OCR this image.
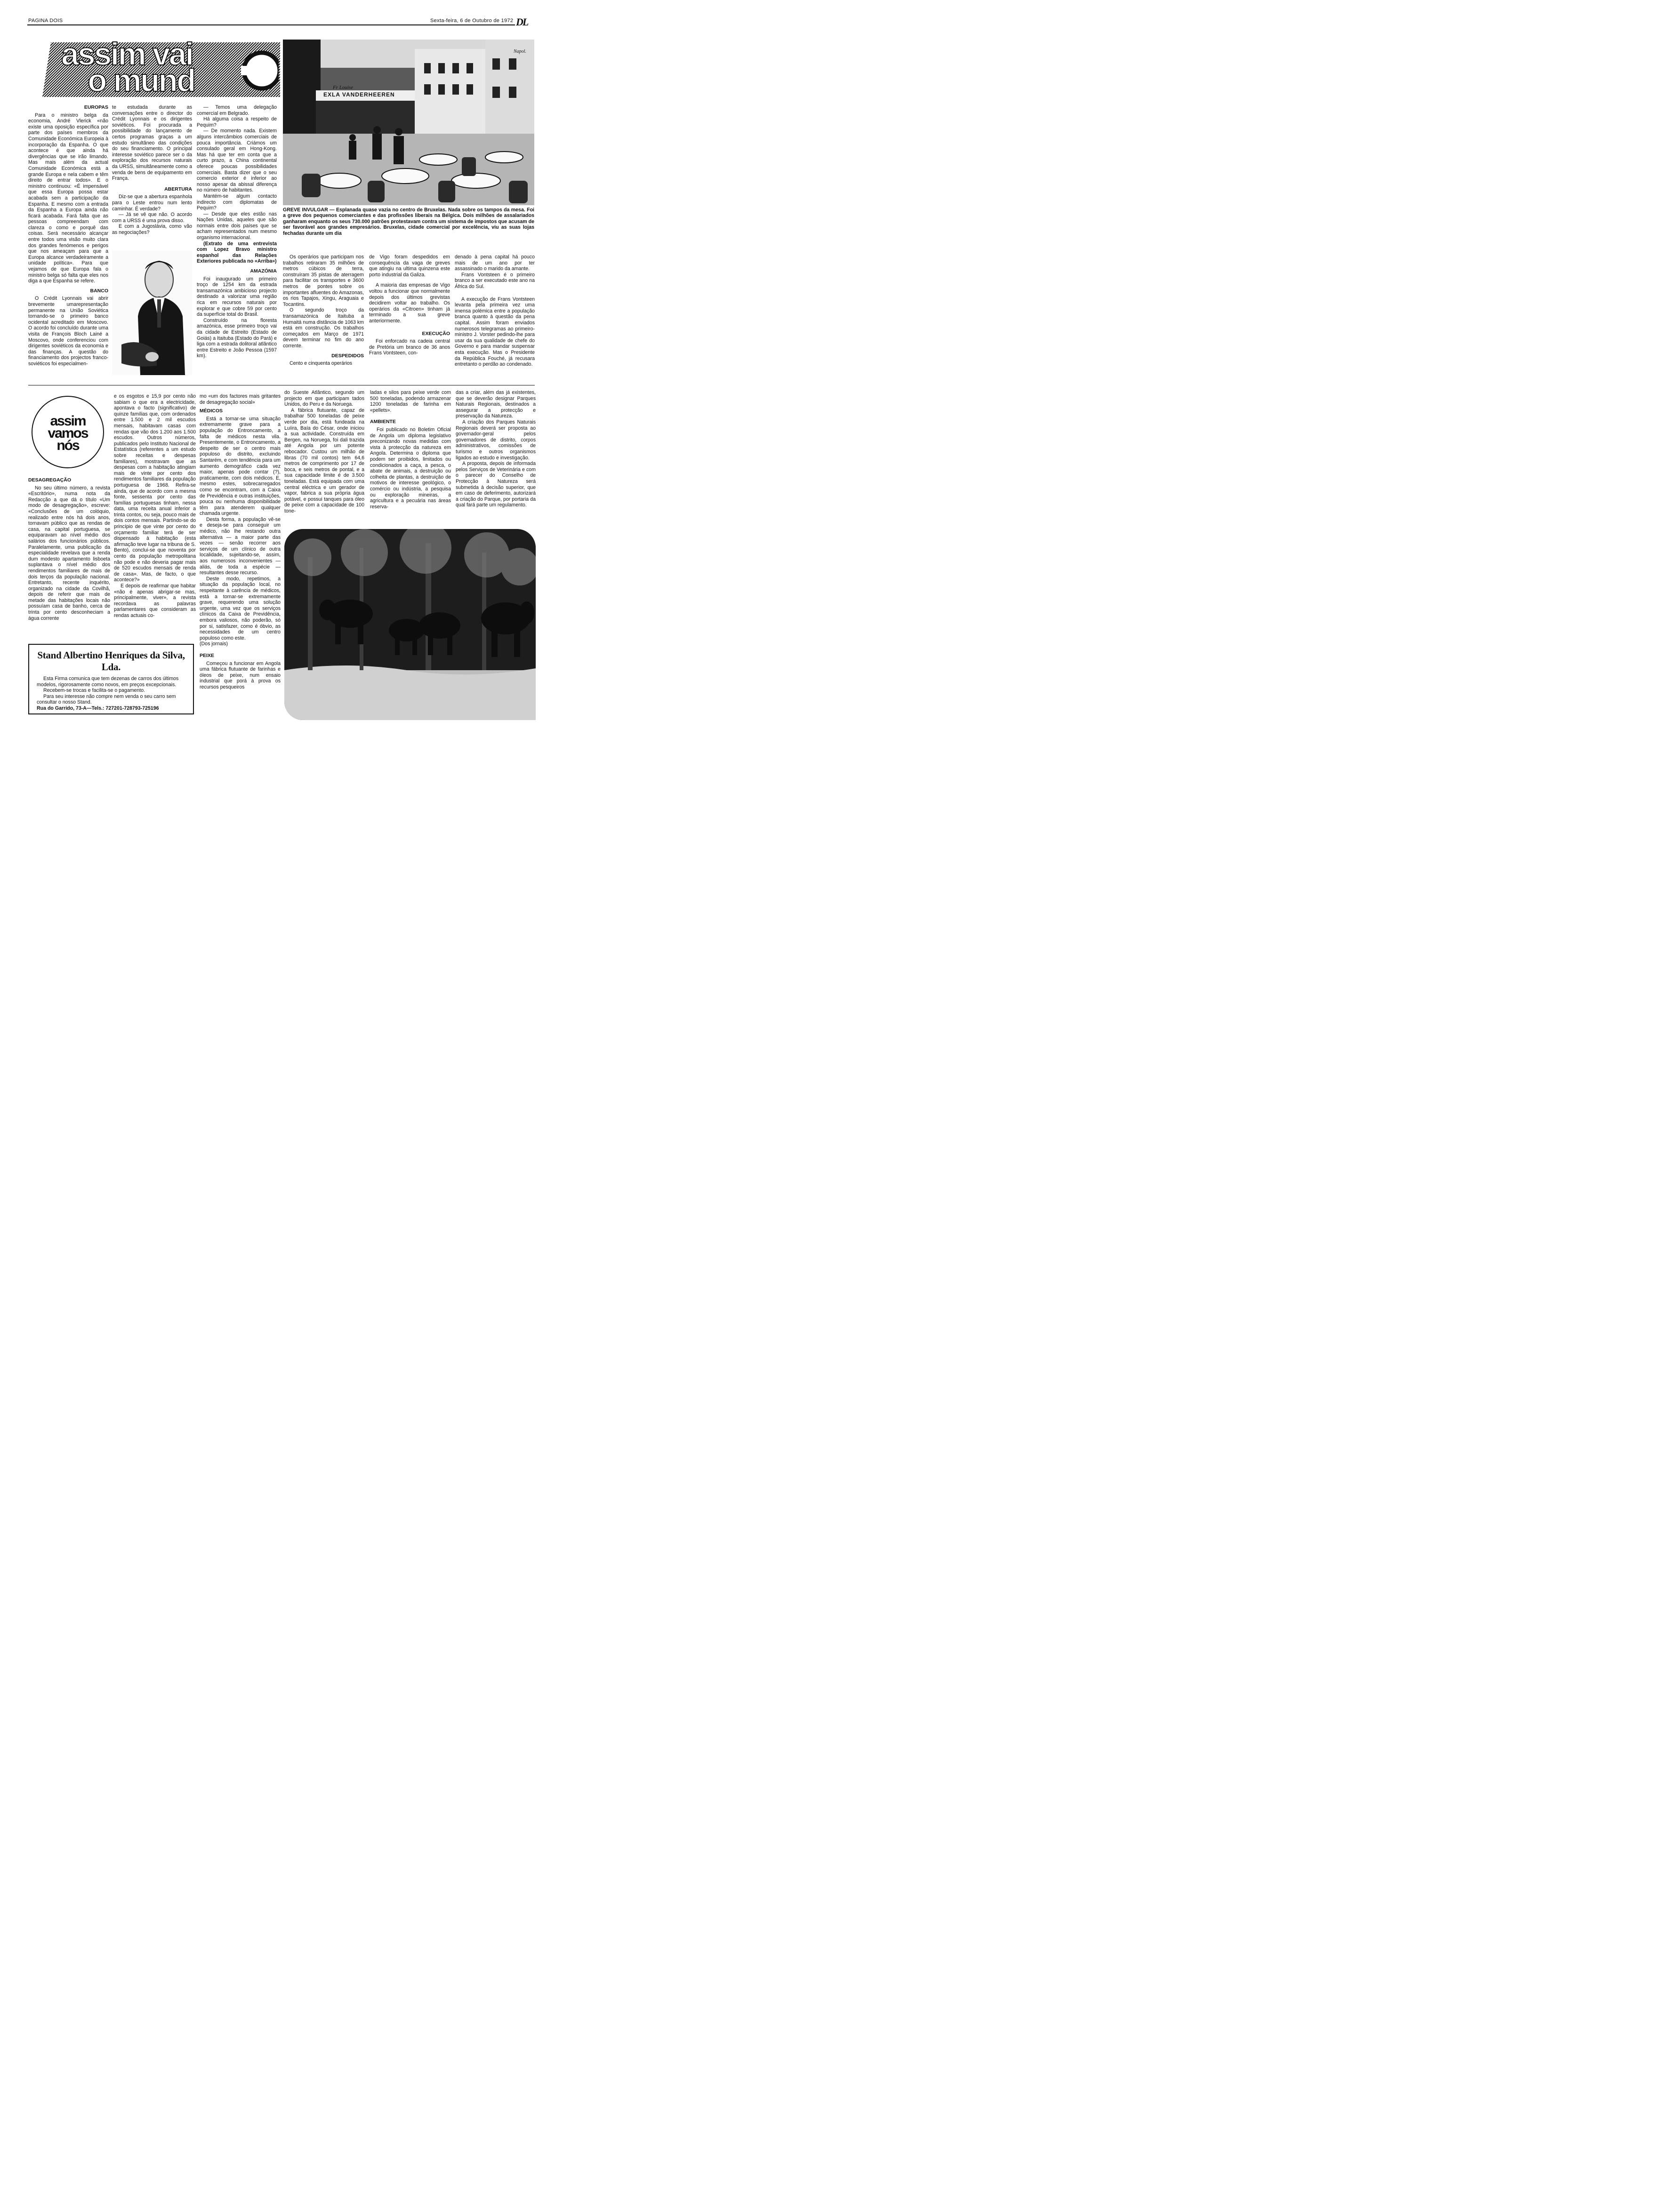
PAGINA DOIS	Sexta-feira, 6 de Outubro de 1972 DL
assim vai
o mund
EUROPAS

Para o ministro belga da economia, André Vlerick «não existe uma oposição específica por parte dos países membros da Comunidade Económica Europeia à incorporação da Espanha. O que acontece é que ainda há divergências que se irão limando. Mas mais além da actual Comunidade Económica está a grande Europa e nela cabem e têm direito de entrar todos». E o ministro continuou: «É impensável que essa Europa possa estar acabada sem a participação da Espanha. E mesmo com a entrada da Espanha a Europa ainda não ficará acabada. Fará falta que as pessoas compreendam com clareza o como e porquê das coisas. Será necessário alcançar entre todos uma visão muito clara dos grandes fenómenos e perigos que nos ameaçam para que a Europa alcance verdadeiramente a unidade política». Para que vejamos de que Europa fala o ministro belga só falta que eles nos diga a que Espanha se refere.

BANCO

O Crédit Lyonnais vai abrir brevemente umarepresentação permanente na União Soviética tornando-se o primeiro banco ocidental acreditado em Moscovo. O acordo foi concluído durante uma visita de François Bloch Lainé a Moscovo, onde conferenciou com dirigentes soviéticos da economia e das finanças. A questão do financiamento dos projectos franco-soviéticos foi especialmen-

te estudada durante as conversações entre o director do Crédit Lyonnais e os dirigentes soviéticos. Foi procurada a possibilidade do lançamento de certos programas graças a um estudo simultâneo das condições do seu financiamento. O principal interesse soviético parece ser o da exploração dos recursos naturais da URSS, simultâneamente como a venda de bens de equipamento em França.

ABERTURA

Diz-se que a abertura espanhola para o Leste entrou num lento caminhar. É verdade?

— Já se vê que não. O acordo com a URSS é uma prova disso.

E com a Jugoslávia, como vão as negociações?

— Temos uma delegação comercial em Belgrado.

Há alguma coisa a respeito de Pequim?

— De momento nada. Existem alguns intercâmbios comerciais de pouca importância. Criámos um consulado geral em Hong-Kong. Mas há que ter em conta que a curto prazo, a China continental oferece poucas possibilidades comerciais. Basta dizer que o seu comercio exterior é inferior ao nosso apesar da abissal diferença no número de habitantes.

Mantém-se algum contacto indirecto com diplomatas de Pequim?

— Desde que eles estão nas Nações Unidas, aqueles que são normais entre dois países que se acham representados num mesmo organismo internacional.

(Extrato de uma entrevista com Lopez Bravo ministro espanhol das Relações Exteriores publicada no «Arriba»)

AMAZÓNIA

Foi inaugurado um primeiro troço de 1254 km da estrada transamazónica ambicioso projecto destinado a valorizar uma região rica em recursos naturais por explorar e que cobre 59 por cento da superfície total do Brasil.

Construído na floresta amazónica, esse primeiro troço vai da cidade de Estreito (Estado de Goiás) a Itaituba (Estado do Pará) e liga com a estrada dolitoral atlântico entre Estreito e João Pessoa (1597 km).

Fr Louise
EXLA VANDERHEEREN
Napol.
GREVE INVULGAR — Esplanada quase vazia no centro de Bruxelas. Nada sobre os tampos da mesa. Foi a greve dos pequenos comerciantes e das profissões liberais na Bélgica. Dois milhões de assalariados ganharam enquanto os seus 730.000 patrões protestavam contra um sistema de impostos que acusam de ser favorável aos grandes empresários. Bruxelas, cidade comercial por excelência, viu as suas lojas fechadas durante um dia

Os operários que participam nos trabalhos retiraram 35 milhões de metros cúbicos de terra, construíram 35 pistas de aterragem para facilitar os transportes e 3600 metros de pontes sobre os importantes afluentes do Amazonas, os rios Tapajos, Xingu, Araguaia e Tocantins.

O segundo troço da transamazónica de Itaituba a Humaitá numa distância de 1063 km está em construção. Os trabalhos começados em Março de 1971 devem terminar no fim do ano corrente.

DESPEDIDOS

Cento e cinquenta operários

de Vigo foram despedidos em consequência da vaga de greves que atingiu na ultima quinzena este porto industrial da Galiza.

A maioria das empresas de Vigo voltou a funcionar que normalmente depois dos últimos grevistas decidirem voltar ao trabalho. Os operários da «Citroen» tinham já terminado a sua greve anteriormente.

EXECUÇÃO

Foi enforcado na cadeia central de Pretória um branco de 36 anos Frans Vontsteen, con-

denado à pena capital há pouco mais de um ano por ter assassinado o marido da amante.

Frans Vontsteen é o primeiro branco a ser executado este ano na África do Sul.

A execução de Frans Vontsteen levanta pela primeira vez uma imensa polémica entre a população branca quanto à questão da pena capital. Assim foram enviados numerosos telegramas ao primeiro-ministro J. Vorster pedindo-lhe para usar da sua qualidade de chefe do Governo e para mandar suspensar esta execução. Mas o Presidente da República Fouché, já recusara entretanto o perdão ao condenado.

assim
vamos
nós
DESAGREGAÇÃO

No seu último número, a revista «Escritório», numa nota da Redacção a que dá o título «Um modo de desagregação», escreve: «Conclusões de um colóquio, realizado entre nós há dois anos, tornavam público que as rendas de casa, na capital portuguesa, se equiparavam ao nível médio dos salários dos funcionários públicos. Paralelamente, uma publicação da especialidade revelava que a renda dum modesto apartamento lisboeta suplantava o nível médio dos rendimentos familiares de mais de dois terços da população nacional. Entretanto, recente inquérito, organizado na cidade da Covilhã, depois de referir que mais de metade das habitações locais não possuíam casa de banho, cerca de trinta por cento desconheciam a água corrente

e os esgotos e 15,9 por cento não sabiam o que era a electricidade, apontava o facto (significativo) de quinze famílias que, com ordenados entre 1.500 e 2 mil escudos mensais, habitavam casas com rendas que vão dos 1.200 aos 1.500 escudos. Outros números, publicados pelo Instituto Nacional de Estatística (referentes a um estudo sobre receitas e despesas familiares), mostravam que as despesas com a habitação atingiam mais de vinte por cento dos rendimentos familiares da população portuguesa de 1968. Refira-se ainda, que de acordo com a mesma fonte, sessenta por cento das famílias portuguesas tinham, nessa data, uma receita anual inferior a trinta contos, ou seja, pouco mais de dois contos mensais. Partindo-se do princípio de que vinte por cento do orçamento familiar terá de ser dispensado à habitação (esta afirmação teve lugar na tribuna de S. Bento), conclui-se que noventa por cento da população metropolitana não pode e não deveria pagar mais de 520 escudos mensais de renda de casa». Mas, de facto, o que acontece?»

E depois de reafirmar que habitar «não é apenas abrigar-se mas, principalmente, viver», a revista recordava as palavras parlamentares que consideram as rendas actuais co-

mo «um dos factores mais gritantes de desagregação social»

MÉDICOS

Está a tornar-se uma situação extremamente grave para a população do Entroncamento, a falta de médicos nesta vila. Presentemente, o Entroncamento, a despeito de ser o centro mais populoso do distrito, excluindo Santarém, e com tendência para um aumento demográfico cada vez maior, apenas pode contar (?), praticamente, com dois médicos. E, mesmo estes, sobrecarregados como se encontram, com a Caixa de Previdência e outras instituições, pouca ou nenhuma disponibilidade têm para atenderem qualquer chamada urgente.

Desta forma, a população vê-se e deseja-se para conseguir um médico, não lhe restando outra alternativa — a maior parte das vezes — senão recorrer aos serviços de um clínico de outra localidade, sujeitando-se, assim, aos numerosos inconvenientes — aliás, de toda a espécie — resultantes desse recurso.

Deste modo, repetimos, a situação da população local, no respeitante à carência de médicos, está a tornar-se extremamente grave, requerendo uma solução urgente, uma vez que os serviços clínicos da Caixa de Previdência, embora valiosos, não poderão, só por si, satisfazer, como é óbvio, as necessidades de um centro populoso como este.

(Dos jornais)

PEIXE

Começou a funcionar em Angola uma fábrica flutuante de farinhas e óleos de peixe, num ensaio industrial que porá à prova os recursos pesqueiros

do Sueste Atlântico, segundo um projecto em que participam tados Unidos, do Peru e da Noruega.

A fábrica flutuante, capaz de trabalhar 500 toneladas de peixe verde por dia, está fundeada na Luíira, Baía do César, onde iniciou a sua actividade. Construída em Bergen, na Noruega, foi dali trazida até Angola por um potente rebocador. Custou um milhão de libras (70 mil contos) tem 64,6 metros de comprimento por 17 de boca, e seis metros de pontal, e a sua capacidade limite é de 3.500 toneladas. Está equipada com uma central eléctrica e um gerador de vapor, fabrica a sua própria água potável, e possui tanques para óleo de peixe com a capacidade de 100 tone-

ladas e silos para peixe verde com 500 toneladas, podendo armazenar 1200 toneladas de farinha em «pellets».

AMBIENTE

Foi publicado no Boletim Oficial de Angola um diploma legislativo preconizando novas medidas com vista à protecção da natureza em Angola. Determina o diploma que podem ser proibidos, limitados ou condicionados a caça, a pesca, o abate de animais, a destruição ou colheita de plantas, a destruição de motivos de interesse geológico, o comércio ou indústria, a pesquisa ou exploração mineiras, a agricultura e a pecuária nas áreas reserva-

das a criar, além das já existentes, que se deverão designar Parques Naturais Regionais, destinados a assegurar a protecção e preservação da Natureza.

A criação dos Parques Naturais Regionais deverá ser proposta ao governador-geral pelos governadores de distrito, corpos administrativos, comissões de turismo e outros organismos ligados ao estudo e investigação.

A proposta, depois de informada pelos Serviços de Veterinária e com o parecer do Conselho de Protecção à Natureza será submetida à decisão superior, que em caso de deferimento, autorizará a criação do Parque, por portaria da qual fará parte um regulamento.

Stand Albertino Henriques da Silva, Lda.

Esta Firma comunica que tem dezenas de carros dos últimos modelos, rigorosamente como novos, em preços excepcionais.

Recebem-se trocas e facilita-se o pagamento.

Para seu interesse não compre nem venda o seu carro sem consultar o nosso Stand.

Rua do Garrido, 73-A—Tels.: 727201-728793-725196
